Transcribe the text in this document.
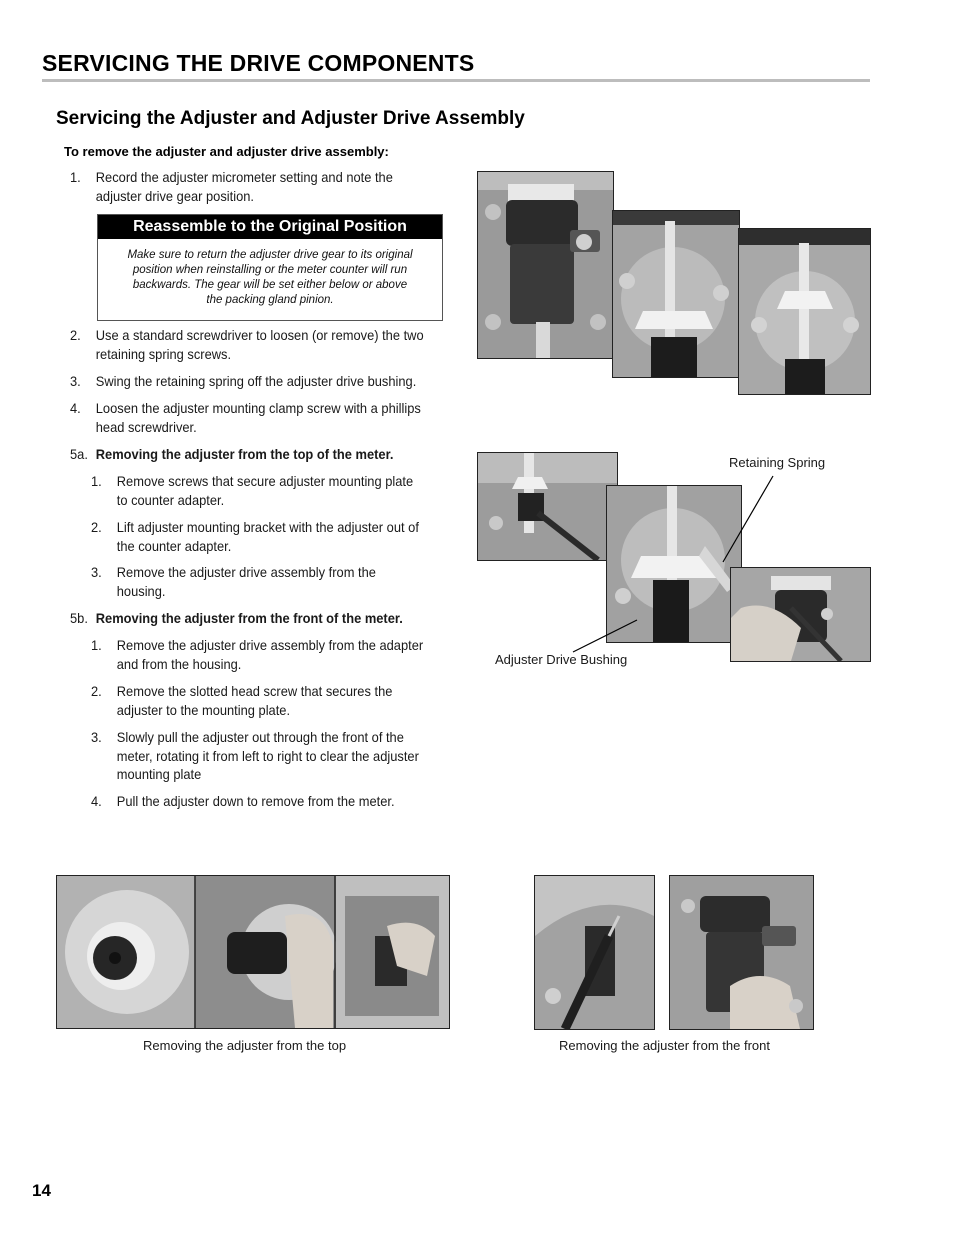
SERVICING THE DRIVE COMPONENTS
Servicing the Adjuster and Adjuster Drive Assembly
To remove the adjuster and adjuster drive assembly:
1. Record the adjuster micrometer setting and note the
adjuster drive gear position.
Reassemble to the Original Position
Make sure to return the adjuster drive gear to its original
position when reinstalling or the meter counter will run
backwards. The gear will be set either below or above
the packing gland pinion.
2. Use a standard screwdriver to loosen (or remove) the two
retaining spring screws.
3. Swing the retaining spring off the adjuster drive bushing.
4. Loosen the adjuster mounting clamp screw with a phillips
head screwdriver.
5a. Removing the adjuster from the top of the meter.
1. Remove screws that secure adjuster mounting plate
to counter adapter.
2. Lift adjuster mounting bracket with the adjuster out of
the counter adapter.
3. Remove the adjuster drive assembly from the
housing.
5b. Removing the adjuster from the front of the meter.
1. Remove the adjuster drive assembly from the adapter
and from the housing.
2. Remove the slotted head screw that secures the
adjuster to the mounting plate.
3. Slowly pull the adjuster out through the front of the
meter, rotating it from left to right to clear the adjuster
mounting plate
4. Pull the adjuster down to remove from the meter.
Retaining Spring
Adjuster Drive Bushing
Removing the adjuster from the top	Removing the adjuster from the front
14
